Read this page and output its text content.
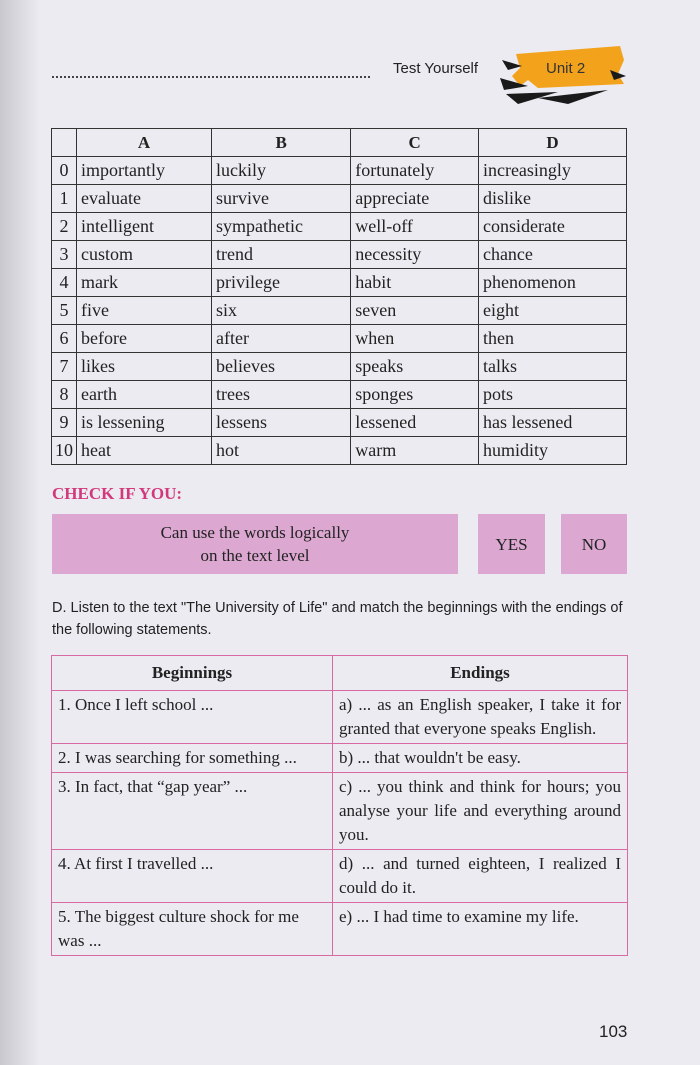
Test Yourself	Unit 2
	A	B	C	D
0	importantly	luckily	fortunately	increasingly
1	evaluate	survive	appreciate	dislike
2	intelligent	sympathetic	well-off	considerate
3	custom	trend	necessity	chance
4	mark	privilege	habit	phenomenon
5	five	six	seven	eight
6	before	after	when	then
7	likes	believes	speaks	talks
8	earth	trees	sponges	pots
9	is lessening	lessens	lessened	has lessened
10	heat	hot	warm	humidity
CHECK IF YOU:
Can use the words logically
on the text level
YES	NO
D. Listen to the text "The University of Life" and match the beginnings with the endings of the following statements.
Beginnings	Endings
1. Once I left school ...	a) ... as an English speaker, I take it for granted that everyone speaks English.
2. I was searching for something ...	b) ... that wouldn't be easy.
3. In fact, that “gap year” ...	c) ... you think and think for hours; you analyse your life and everything around you.
4. At first I travelled ...	d) ... and turned eighteen, I realized I could do it.
5. The biggest culture shock for me was ...	e) ... I had time to examine my life.
103
